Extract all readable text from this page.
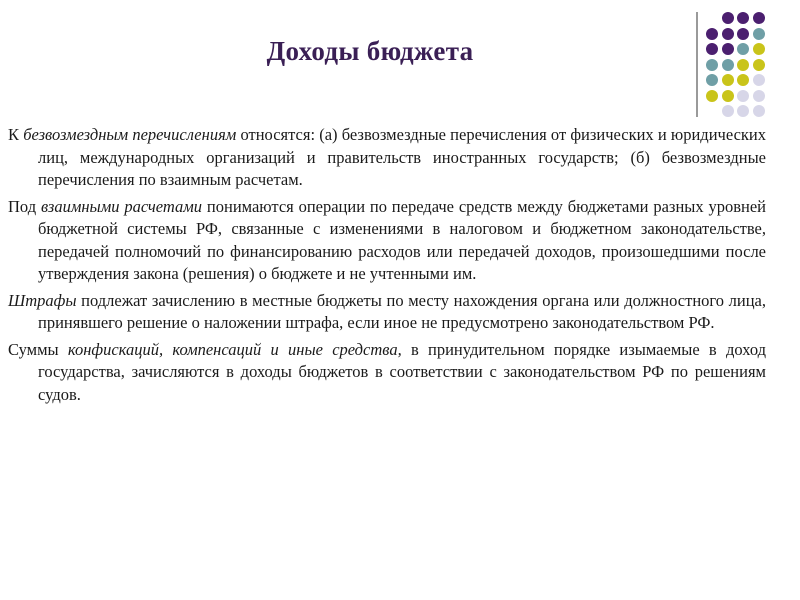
Доходы бюджета
К безвозмездным перечислениям относятся: (а) безвозмездные перечисления от физических и юридических лиц, международных организаций и правительств иностранных государств; (б) безвозмездные перечисления по взаимным расчетам.
Под взаимными расчетами понимаются операции по передаче средств между бюджетами разных уровней бюджетной системы РФ, связанные с изменениями в налоговом и бюджетном законодательстве, передачей полномочий по финансированию расходов или передачей доходов, произошедшими после утверждения закона (решения) о бюджете и не учтенными им.
Штрафы подлежат зачислению в местные бюджеты по месту нахождения органа или должностного лица, принявшего решение о наложении штрафа, если иное не предусмотрено законодательством РФ.
Суммы конфискаций, компенсаций и иные средства, в принудительном порядке изымаемые в доход государства, зачисляются в доходы бюджетов в соответствии с законодательством РФ по решениям судов.
